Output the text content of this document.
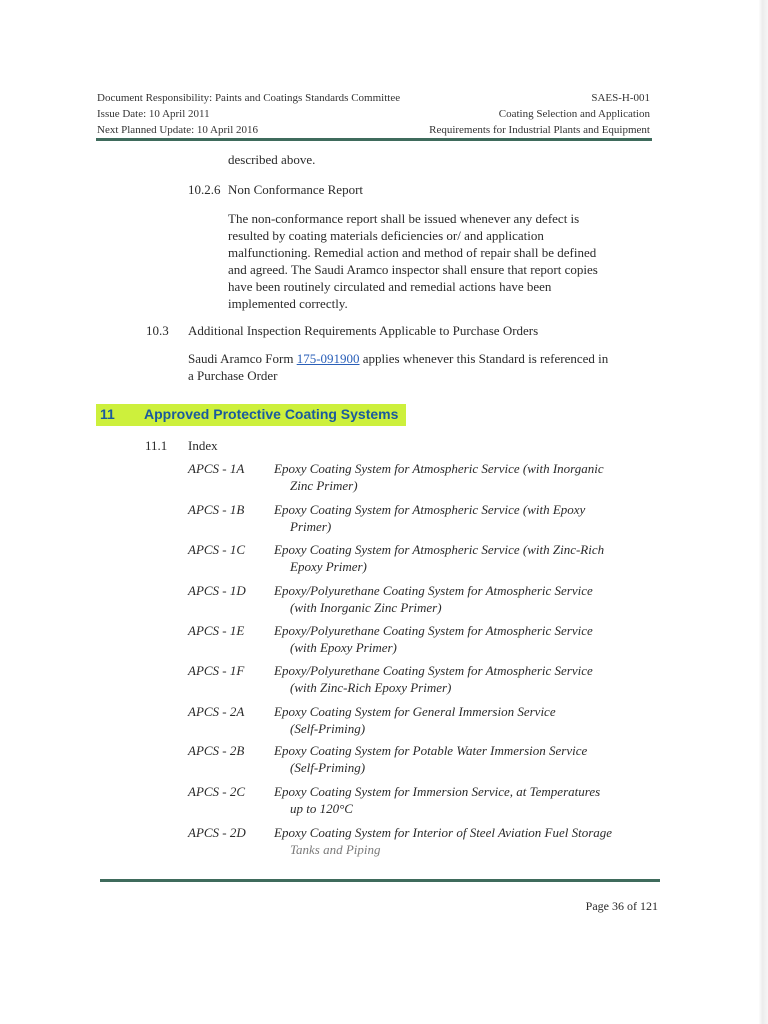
Document Responsibility: Paints and Coatings Standards Committee
Issue Date: 10 April 2011
Next Planned Update: 10 April 2016
SAES-H-001
Coating Selection and Application
Requirements for Industrial Plants and Equipment
described above.
10.2.6 Non Conformance Report
The non-conformance report shall be issued whenever any defect is
resulted by coating materials deficiencies or/ and application
malfunctioning. Remedial action and method of repair shall be defined
and agreed. The Saudi Aramco inspector shall ensure that report copies
have been routinely circulated and remedial actions have been
implemented correctly.
10.3 Additional Inspection Requirements Applicable to Purchase Orders
Saudi Aramco Form 175-091900 applies whenever this Standard is referenced in
a Purchase Order
11 Approved Protective Coating Systems
11.1 Index
APCS - 1A Epoxy Coating System for Atmospheric Service (with Inorganic
Zinc Primer)
APCS - 1B Epoxy Coating System for Atmospheric Service (with Epoxy
Primer)
APCS - 1C Epoxy Coating System for Atmospheric Service (with Zinc-Rich
Epoxy Primer)
APCS - 1D Epoxy/Polyurethane Coating System for Atmospheric Service
(with Inorganic Zinc Primer)
APCS - 1E Epoxy/Polyurethane Coating System for Atmospheric Service
(with Epoxy Primer)
APCS - 1F Epoxy/Polyurethane Coating System for Atmospheric Service
(with Zinc-Rich Epoxy Primer)
APCS - 2A Epoxy Coating System for General Immersion Service
(Self-Priming)
APCS - 2B Epoxy Coating System for Potable Water Immersion Service
(Self-Priming)
APCS - 2C Epoxy Coating System for Immersion Service, at Temperatures
up to 120°C
APCS - 2D Epoxy Coating System for Interior of Steel Aviation Fuel Storage
Tanks and Piping
Page 36 of 121
